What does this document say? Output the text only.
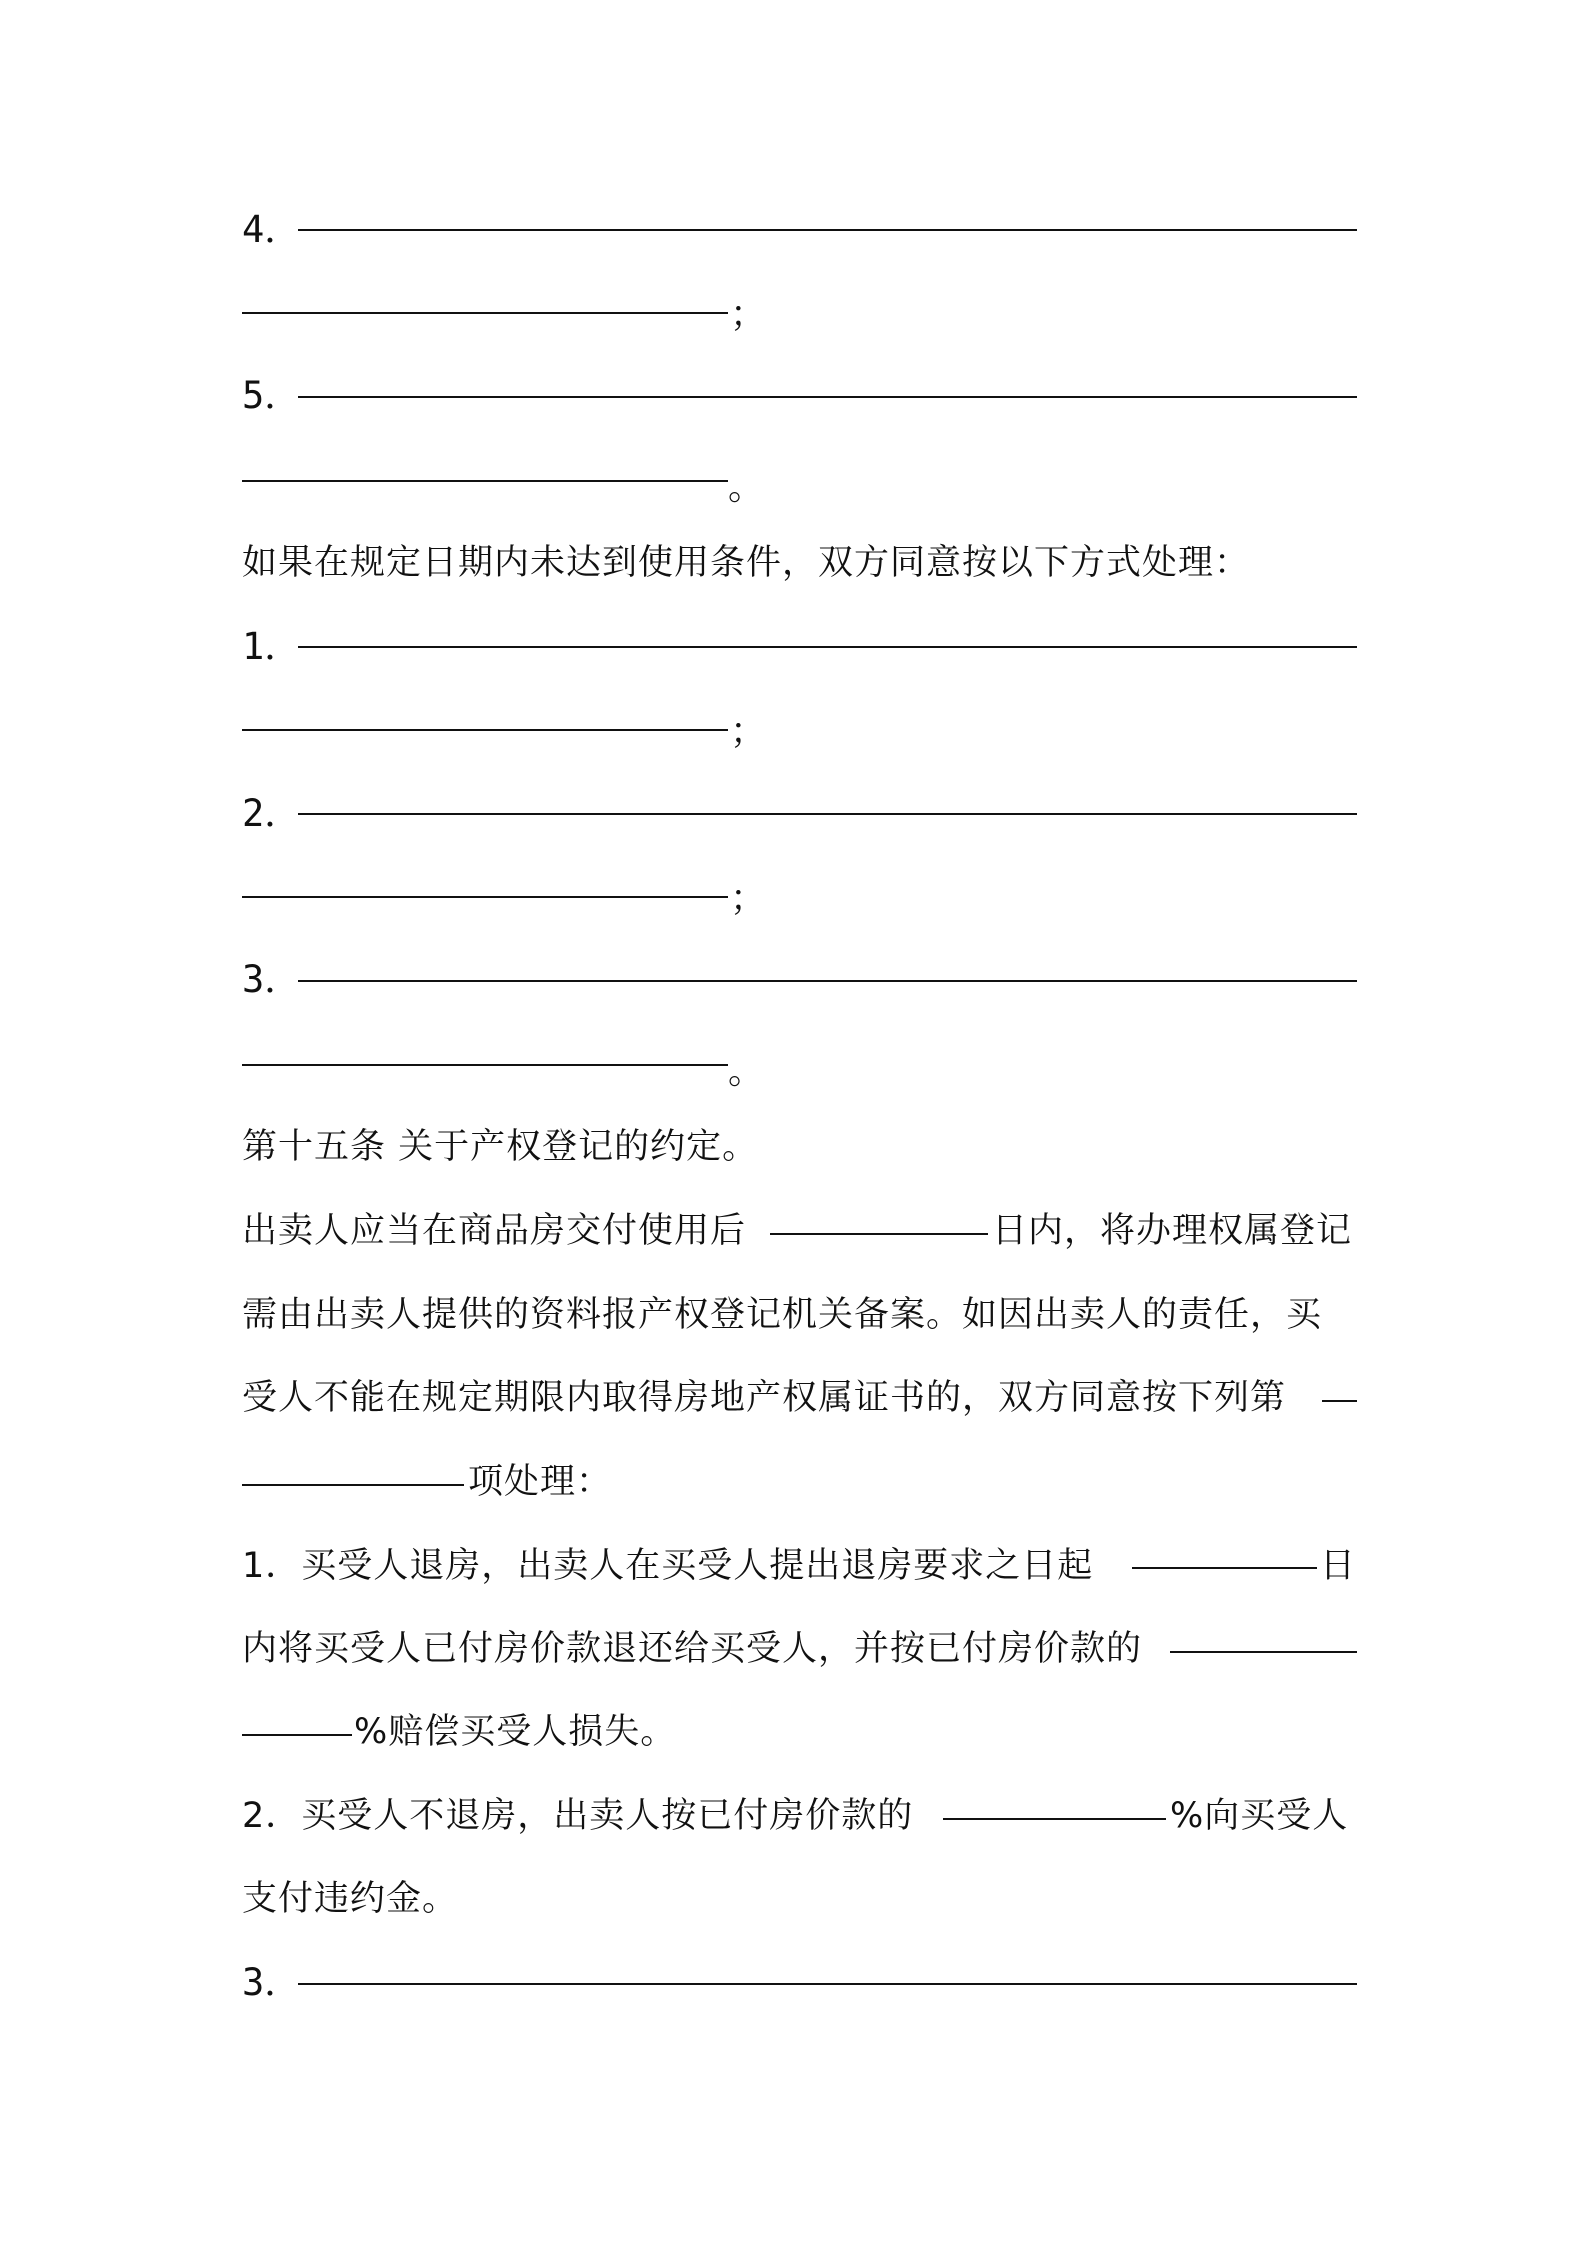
4．
；
5．
。
如果在规定日期内未达到使用条件，双方同意按以下方式处理：
1．
；
2．
；
3．
。
第十五条 关于产权登记的约定。
出卖人应当在商品房交付使用后	日内，将办理权属登记
需由出卖人提供的资料报产权登记机关备案。如因出卖人的责任，买
受人不能在规定期限内取得房地产权属证书的，双方同意按下列第
项处理：
1．买受人退房，出卖人在买受人提出退房要求之日起	日
内将买受人已付房价款退还给买受人，并按已付房价款的
%赔偿买受人损失。
2．买受人不退房，出卖人按已付房价款的	%向买受人
支付违约金。
3．
